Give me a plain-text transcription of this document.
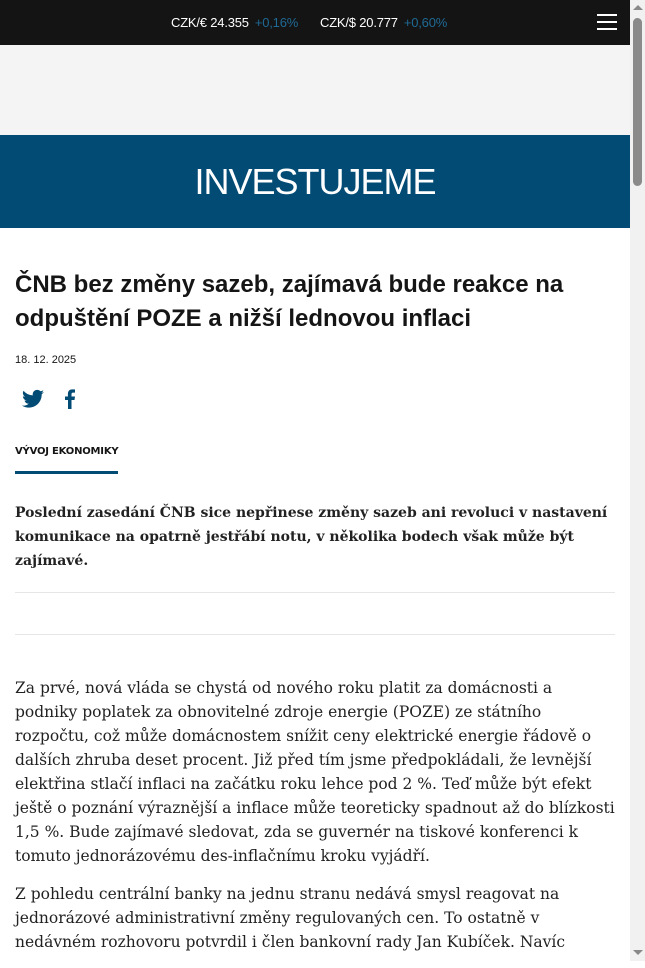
CZK/€ 24.355 +0,16% CZK/$ 20.777 +0,60%
INVESTUJEME
ČNB bez změny sazeb, zajímavá bude reakce na odpuštění POZE a nižší lednovou inflaci
18. 12. 2025
VÝVOJ EKONOMIKY

Poslední zasedání ČNB sice nepřinese změny sazeb ani revoluci v nastavení komunikace na opatrně jestřábí notu, v několika bodech však může být zajímavé.

Za prvé, nová vláda se chystá od nového roku platit za domácnosti a podniky poplatek za obnovitelné zdroje energie (POZE) ze státního rozpočtu, což může domácnostem snížit ceny elektrické energie řádově o dalších zhruba deset procent. Již před tím jsme předpokládali, že levnější elektřina stlačí inflaci na začátku roku lehce pod 2 %. Teď může být efekt ještě o poznání výraznější a inflace může teoreticky spadnout až do blízkosti 1,5 %. Bude zajímavé sledovat, zda se guvernér na tiskové konferenci k tomuto jednorázovému des-inflačnímu kroku vyjádří.

Z pohledu centrální banky na jednu stranu nedává smysl reagovat na jednorázové administrativní změny regulovaných cen. To ostatně v nedávném rozhovoru potvrdil i člen bankovní rady Jan Kubíček. Navíc
